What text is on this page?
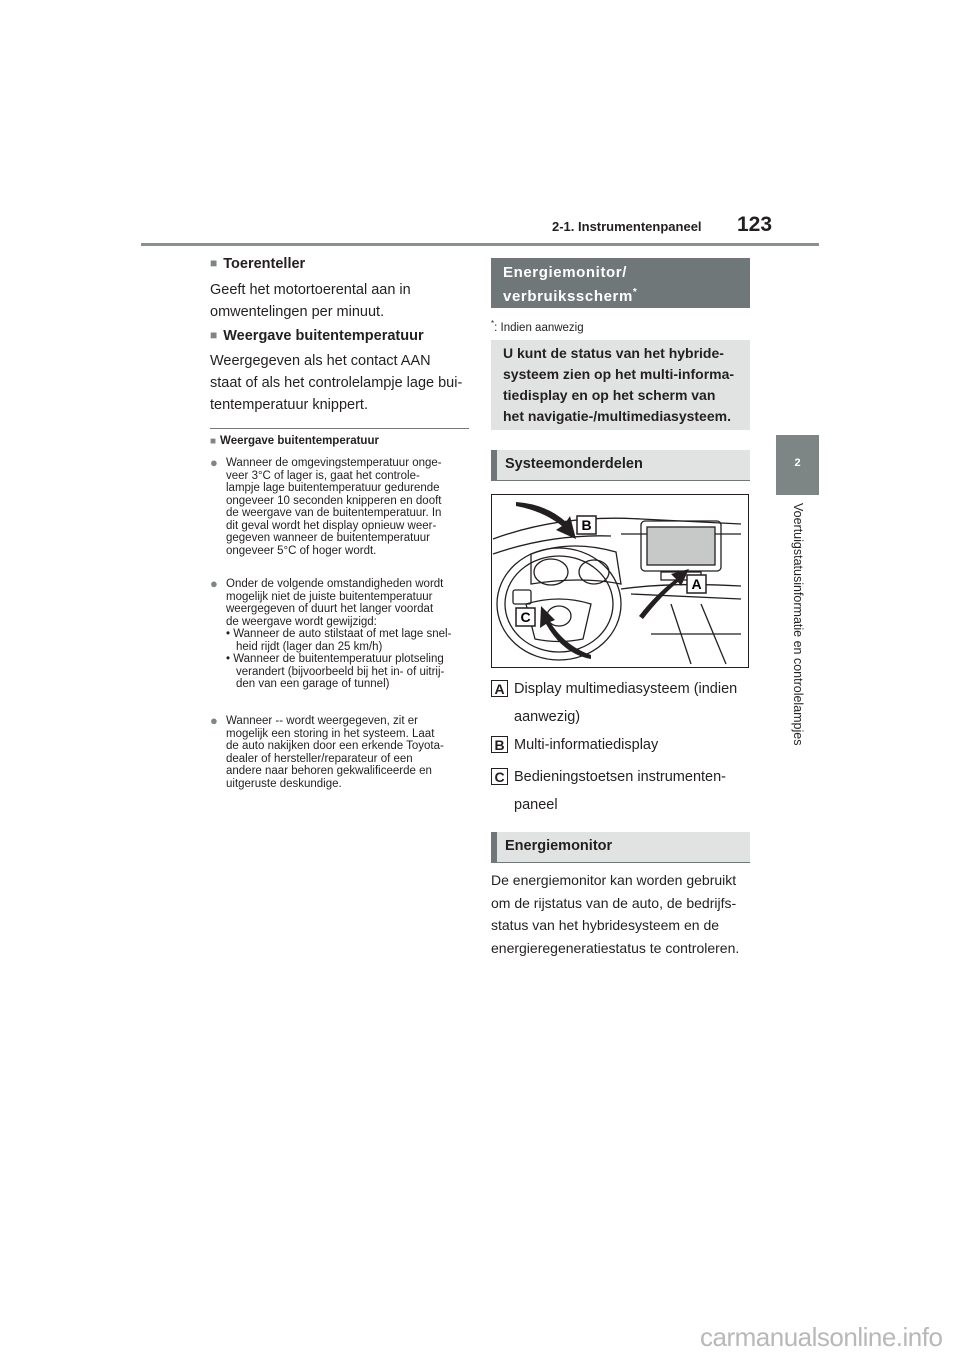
2-1. Instrumentenpaneel 123
2
Voertuigstatusinformatie en controlelampjes
■ Toerenteller
Geeft het motortoerental aan in
omwentelingen per minuut.
■ Weergave buitentemperatuur
Weergegeven als het contact AAN
staat of als het controlelampje lage bui-
tentemperatuur knippert.
■ Weergave buitentemperatuur
● Wanneer de omgevingstemperatuur onge-
veer 3°C of lager is, gaat het controle-
lampje lage buitentemperatuur gedurende
ongeveer 10 seconden knipperen en dooft
de weergave van de buitentemperatuur. In
dit geval wordt het display opnieuw weer-
gegeven wanneer de buitentemperatuur
ongeveer 5°C of hoger wordt.
● Onder de volgende omstandigheden wordt
mogelijk niet de juiste buitentemperatuur
weergegeven of duurt het langer voordat
de weergave wordt gewijzigd:
• Wanneer de auto stilstaat of met lage snel-
heid rijdt (lager dan 25 km/h)
• Wanneer de buitentemperatuur plotseling
verandert (bijvoorbeeld bij het in- of uitrij-
den van een garage of tunnel)
● Wanneer -- wordt weergegeven, zit er
mogelijk een storing in het systeem. Laat
de auto nakijken door een erkende Toyota-
dealer of hersteller/reparateur of een
andere naar behoren gekwalificeerde en
uitgeruste deskundige.
Energiemonitor/
verbruiksscherm*
*: Indien aanwezig
U kunt de status van het hybride-
systeem zien op het multi-informa-
tiedisplay en op het scherm van
het navigatie-/multimediasysteem.
Systeemonderdelen
B
A
C
A Display multimediasysteem (indien
aanwezig)
B Multi-informatiedisplay
C Bedieningstoetsen instrumenten-
paneel
Energiemonitor
De energiemonitor kan worden gebruikt
om de rijstatus van de auto, de bedrijfs-
status van het hybridesysteem en de
energieregeneratiestatus te controleren.
carmanualsonline.info
